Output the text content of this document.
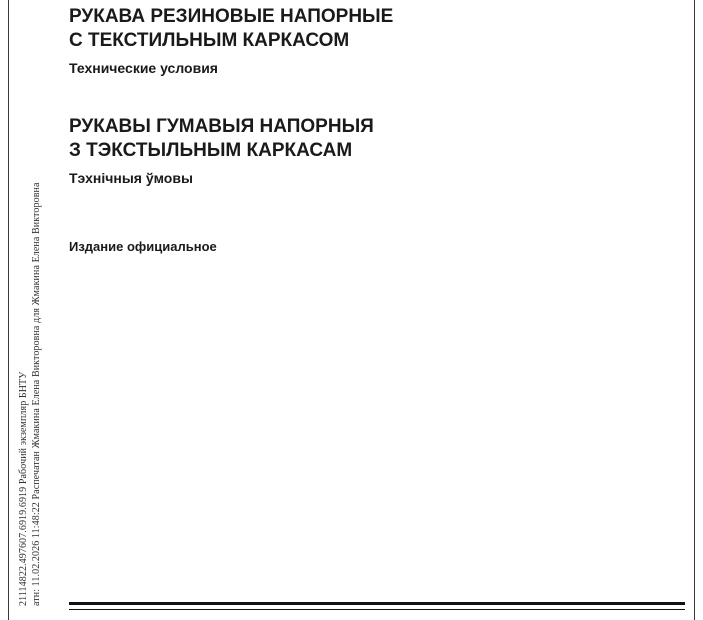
21114822.497607.6919.6919 Рабочий экземпляр БНТУ атн: 11.02.2026 11:48:22 Распечатан Жмакина Елена Викторовна для Жмакина Елена Викторовна
РУКАВА РЕЗИНОВЫЕ НАПОРНЫЕ
С ТЕКСТИЛЬНЫМ КАРКАСОМ
Технические условия
РУКАВЫ ГУМАВЫЯ НАПОРНЫЯ
З ТЭКСТЫЛЬНЫМ КАРКАСАМ
Тэхнічныя ўмовы
Издание официальное
